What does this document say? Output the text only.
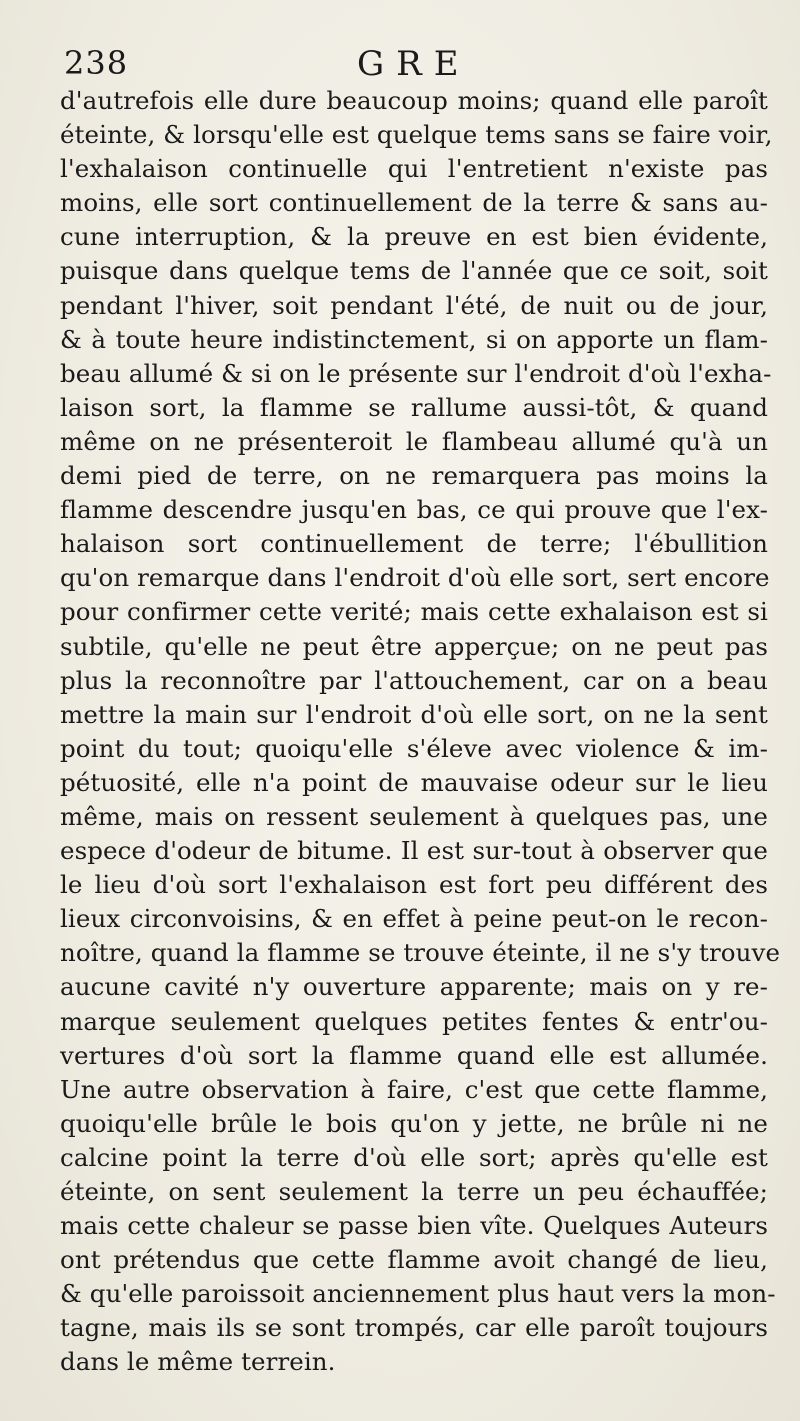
238	GRE
d'autrefois elle dure beaucoup moins; quand elle paroît
éteinte, & lorsqu'elle est quelque tems sans se faire voir,
l'exhalaison continuelle qui l'entretient n'existe pas
moins, elle sort continuellement de la terre & sans au-
cune interruption, & la preuve en est bien évidente,
puisque dans quelque tems de l'année que ce soit, soit
pendant l'hiver, soit pendant l'été, de nuit ou de jour,
& à toute heure indistinctement, si on apporte un flam-
beau allumé & si on le présente sur l'endroit d'où l'exha-
laison sort, la flamme se rallume aussi-tôt, & quand
même on ne présenteroit le flambeau allumé qu'à un
demi pied de terre, on ne remarquera pas moins la
flamme descendre jusqu'en bas, ce qui prouve que l'ex-
halaison sort continuellement de terre; l'ébullition
qu'on remarque dans l'endroit d'où elle sort, sert encore
pour confirmer cette verité; mais cette exhalaison est si
subtile, qu'elle ne peut être apperçue; on ne peut pas
plus la reconnoître par l'attouchement, car on a beau
mettre la main sur l'endroit d'où elle sort, on ne la sent
point du tout; quoiqu'elle s'éleve avec violence & im-
pétuosité, elle n'a point de mauvaise odeur sur le lieu
même, mais on ressent seulement à quelques pas, une
espece d'odeur de bitume. Il est sur-tout à observer que
le lieu d'où sort l'exhalaison est fort peu différent des
lieux circonvoisins, & en effet à peine peut-on le recon-
noître, quand la flamme se trouve éteinte, il ne s'y trouve
aucune cavité n'y ouverture apparente; mais on y re-
marque seulement quelques petites fentes & entr'ou-
vertures d'où sort la flamme quand elle est allumée.
Une autre observation à faire, c'est que cette flamme,
quoiqu'elle brûle le bois qu'on y jette, ne brûle ni ne
calcine point la terre d'où elle sort; après qu'elle est
éteinte, on sent seulement la terre un peu échauffée;
mais cette chaleur se passe bien vîte. Quelques Auteurs
ont prétendus que cette flamme avoit changé de lieu,
& qu'elle paroissoit anciennement plus haut vers la mon-
tagne, mais ils se sont trompés, car elle paroît toujours
dans le même terrein.
